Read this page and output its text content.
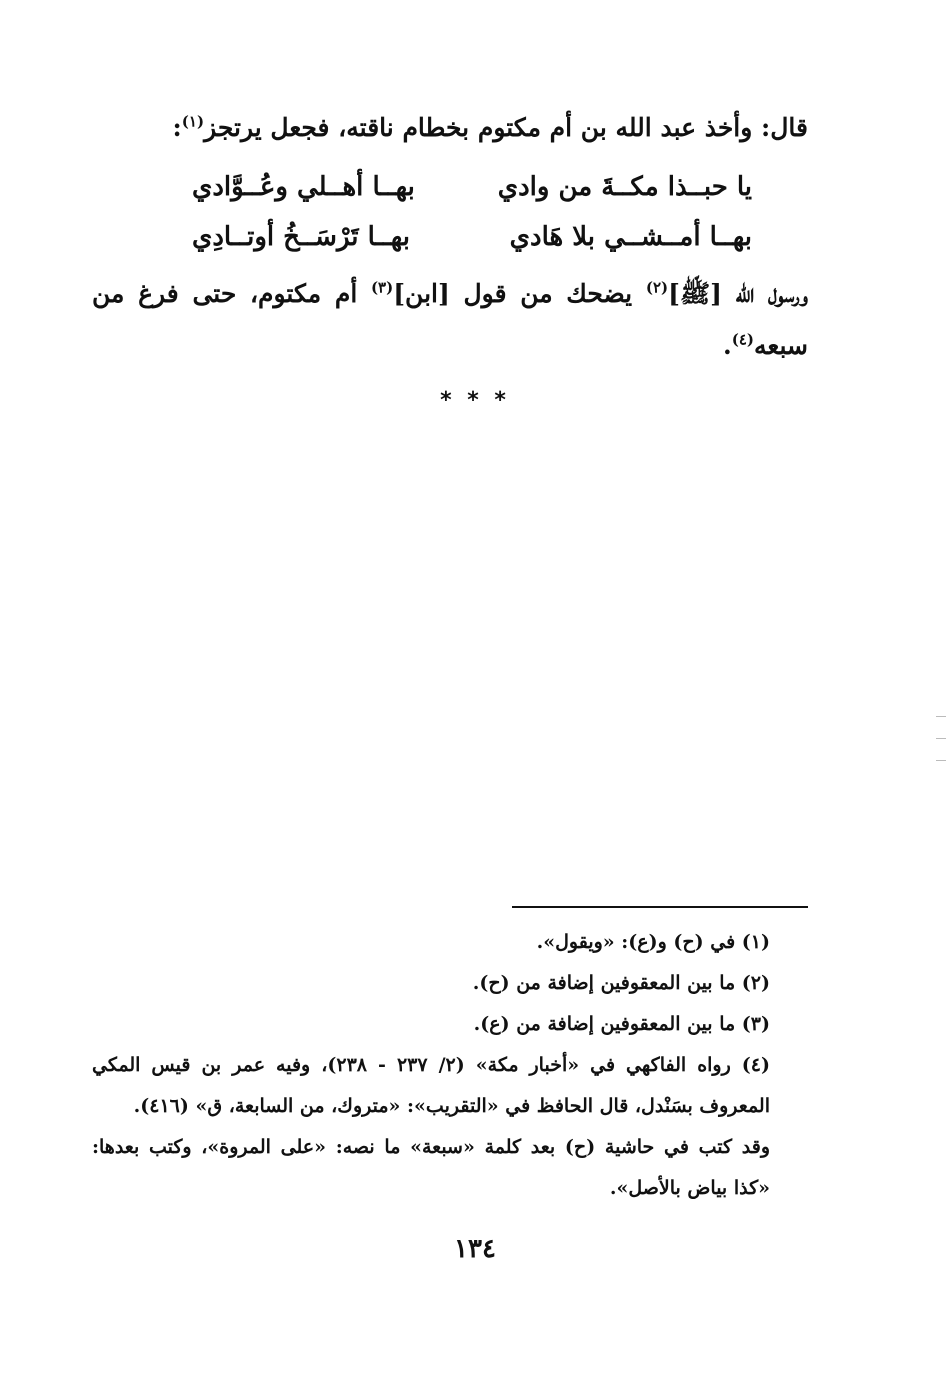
قال: وأخذ عبد الله بن أم مكتوم بخطام ناقته، فجعل يرتجز$^{(١)}$:
يا حبــذا مكــةَ من وادي
بهــا أهــلي وعُــوَّادي
بهــا أمــشــي بلا هَادي
بهــا تَرْسَــخُ أوتــادِي
ورسول الله [ﷺ]$^{(٢)}$ يضحك من قول [ابن]$^{(٣)}$ أم مكتوم، حتى فرغ من سبعه$^{(٤)}$.
* * *

(١) في (ح) و(ع): «ويقول».

(٢) ما بين المعقوفين إضافة من (ح).

(٣) ما بين المعقوفين إضافة من (ع).

(٤) رواه الفاكهي في «أخبار مكة» (٢/ ٢٣٧ - ٢٣٨)، وفيه عمر بن قيس المكي المعروف بسَنْدل، قال الحافظ في «التقريب»: «متروك، من السابعة، ق» (٤١٦).

وقد كتب في حاشية (ح) بعد كلمة «سبعة» ما نصه: «على المروة»، وكتب بعدها: «كذا بياض بالأصل».

١٣٤
